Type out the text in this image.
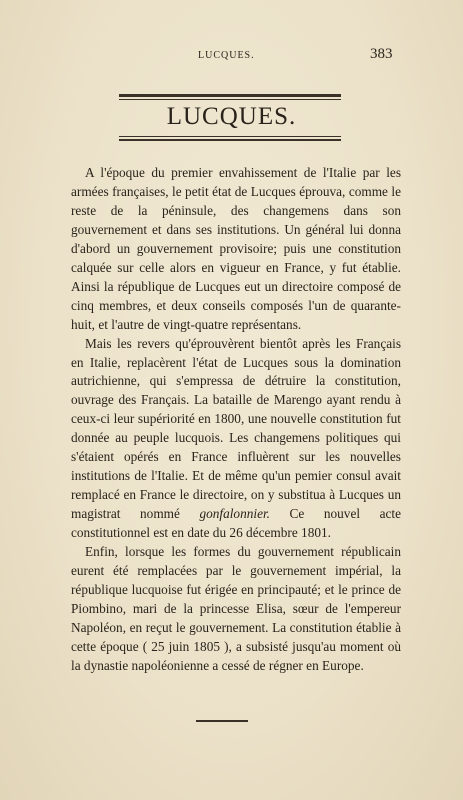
LUCQUES.	383
LUCQUES.

A l'époque du premier envahissement de l'Italie par les armées françaises, le petit état de Lucques éprouva, comme le reste de la péninsule, des changemens dans son gouvernement et dans ses institutions. Un général lui donna d'abord un gouvernement provisoire; puis une constitution calquée sur celle alors en vigueur en France, y fut établie. Ainsi la république de Lucques eut un directoire composé de cinq membres, et deux conseils composés l'un de quarante-huit, et l'autre de vingt-quatre représentans.

Mais les revers qu'éprouvèrent bientôt après les Français en Italie, replacèrent l'état de Lucques sous la domination autrichienne, qui s'empressa de détruire la constitution, ouvrage des Français. La bataille de Marengo ayant rendu à ceux-ci leur supériorité en 1800, une nouvelle constitution fut donnée au peuple lucquois. Les changemens politiques qui s'étaient opérés en France influèrent sur les nouvelles institutions de l'Italie. Et de même qu'un pemier consul avait remplacé en France le directoire, on y substitua à Lucques un magistrat nommé gonfalonnier. Ce nouvel acte constitutionnel est en date du 26 décembre 1801.

Enfin, lorsque les formes du gouvernement républicain eurent été remplacées par le gouvernement impérial, la république lucquoise fut érigée en principauté; et le prince de Piombino, mari de la princesse Elisa, sœur de l'empereur Napoléon, en reçut le gouvernement. La constitution établie à cette époque ( 25 juin 1805 ), a subsisté jusqu'au moment où la dynastie napoléonienne a cessé de régner en Europe.
